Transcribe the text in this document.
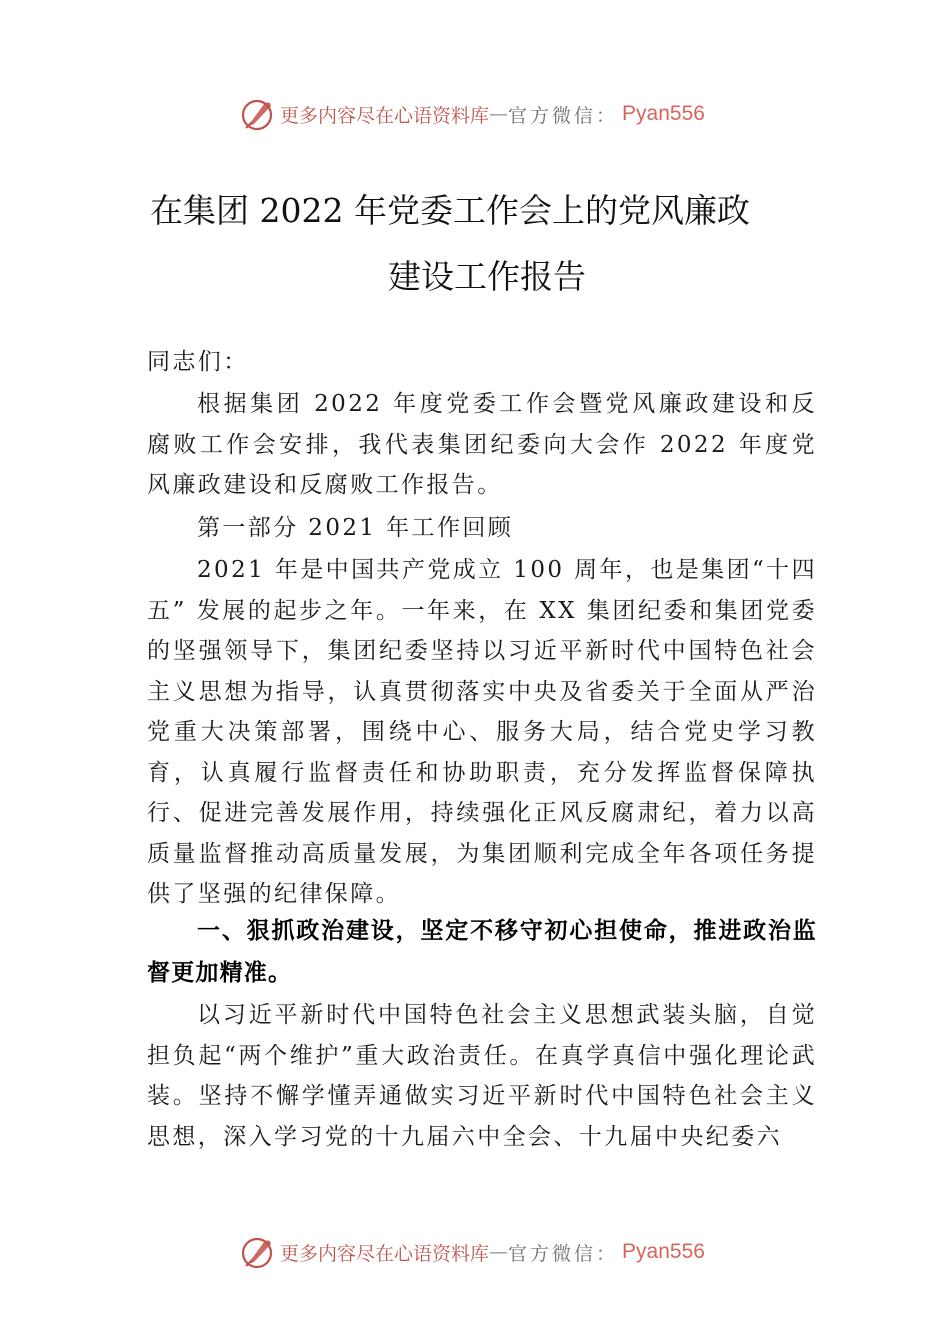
更多内容尽在心语资料库 — 官方微信： Pyan556
在集团 2022 年党委工作会上的党风廉政
建设工作报告

同志们：

根据集团 2022 年度党委工作会暨党风廉政建设和反腐败工作会安排，我代表集团纪委向大会作 2022 年度党风廉政建设和反腐败工作报告。

第一部分 2021 年工作回顾

2021 年是中国共产党成立 100 周年，也是集团“十四五” 发展的起步之年。一年来，在 XX 集团纪委和集团党委的坚强领导下，集团纪委坚持以习近平新时代中国特色社会主义思想为指导，认真贯彻落实中央及省委关于全面从严治党重大决策部署，围绕中心、服务大局，结合党史学习教育，认真履行监督责任和协助职责，充分发挥监督保障执行、促进完善发展作用，持续强化正风反腐肃纪，着力以高质量监督推动高质量发展，为集团顺利完成全年各项任务提供了坚强的纪律保障。

一、狠抓政治建设，坚定不移守初心担使命，推进政治监督更加精准。

以习近平新时代中国特色社会主义思想武装头脑，自觉担负起“两个维护”重大政治责任。在真学真信中强化理论武装。坚持不懈学懂弄通做实习近平新时代中国特色社会主义思想，深入学习党的十九届六中全会、十九届中央纪委六

更多内容尽在心语资料库 — 官方微信： Pyan556
